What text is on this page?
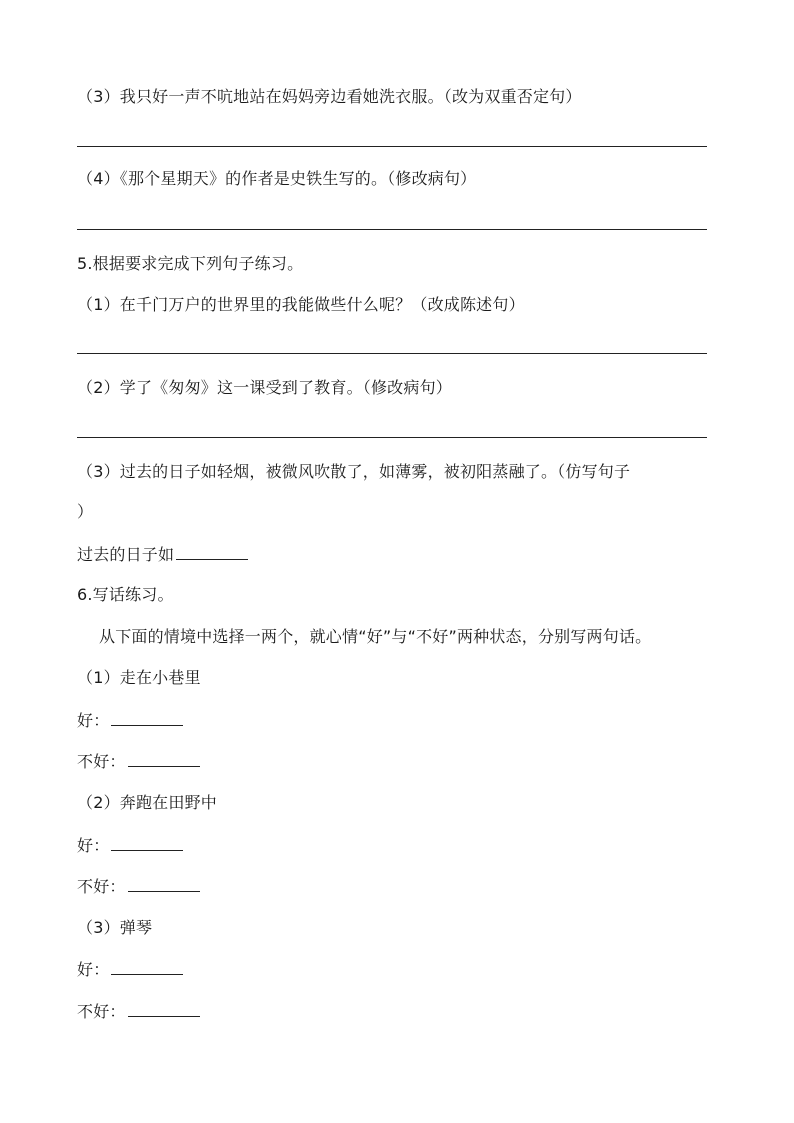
（3）我只好一声不吭地站在妈妈旁边看她洗衣服。（改为双重否定句）
（4）《那个星期天》的作者是史铁生写的。（修改病句）
5.根据要求完成下列句子练习。
（1）在千门万户的世界里的我能做些什么呢？（改成陈述句）
（2）学了《匆匆》这一课受到了教育。（修改病句）
（3）过去的日子如轻烟，被微风吹散了，如薄雾，被初阳蒸融了。（仿写句子
）
过去的日子如
6.写话练习。
从下面的情境中选择一两个，就心情“好”与“不好”两种状态，分别写两句话。
（1）走在小巷里
好：
不好：
（2）奔跑在田野中
好：
不好：
（3）弹琴
好：
不好：
